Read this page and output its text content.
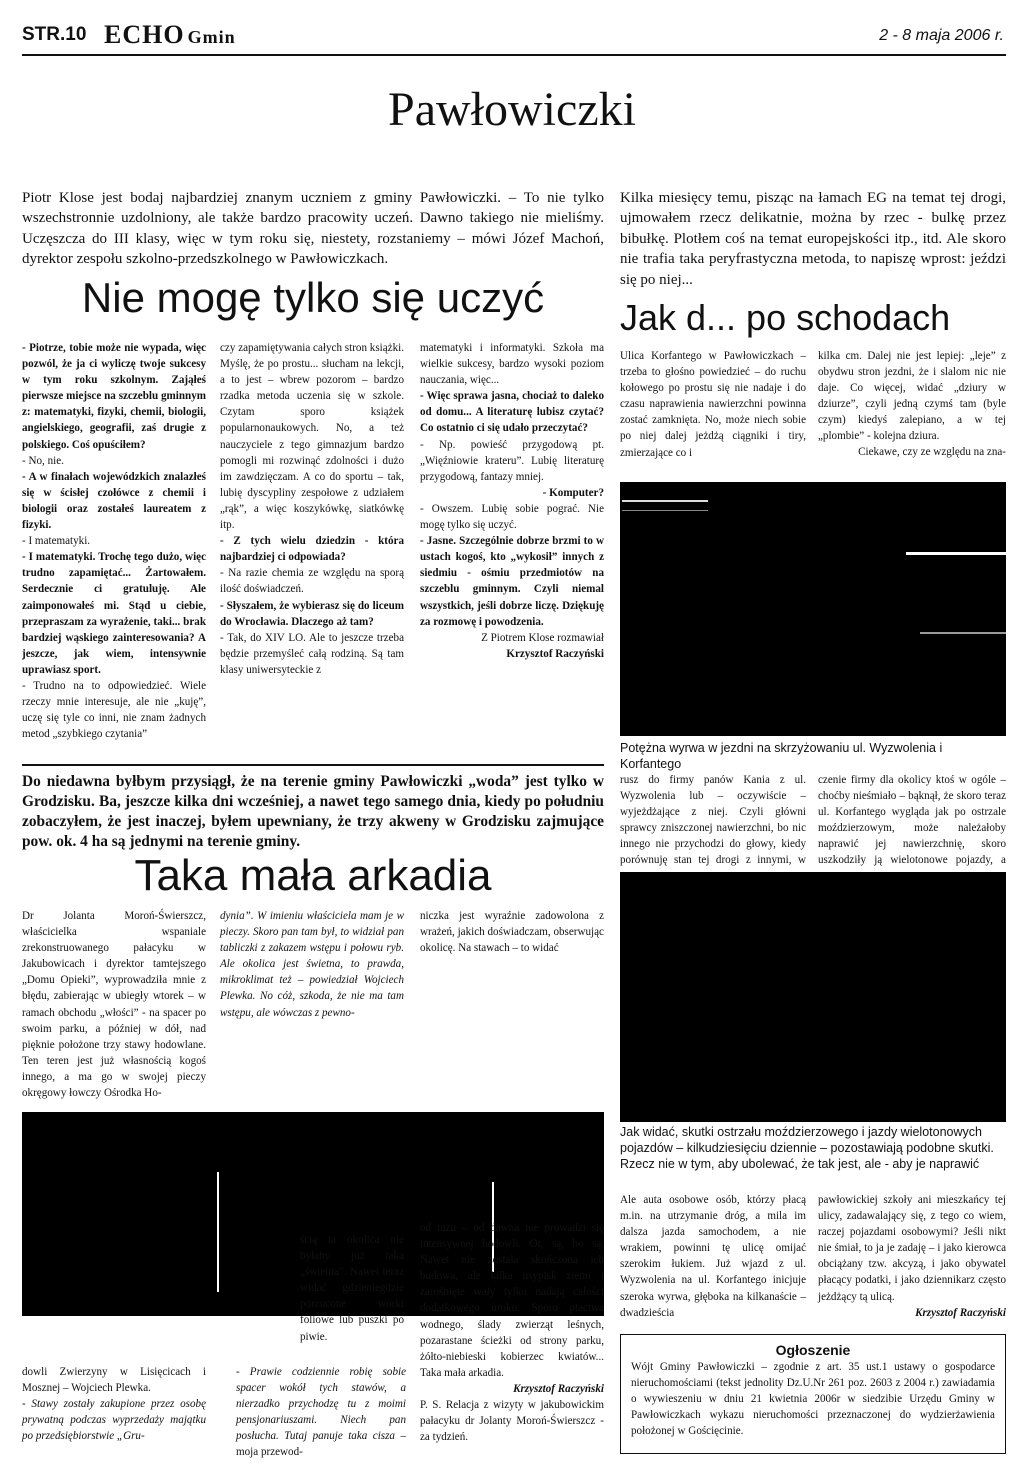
STR.10 ECHO Gmin	2 - 8 maja 2006 r.
Pawłowiczki
Piotr Klose jest bodaj najbardziej znanym uczniem z gminy Pawłowiczki. – To nie tylko wszechstronnie uzdolniony, ale także bardzo pracowity uczeń. Dawno takiego nie mieliśmy. Uczęszcza do III klasy, więc w tym roku się, niestety, rozstaniemy – mówi Józef Machoń, dyrektor zespołu szkolno-przedszkolnego w Pawłowiczkach.
Nie mogę tylko się uczyć

- Piotrze, tobie może nie wypada, więc pozwól, że ja ci wyliczę twoje sukcesy w tym roku szkolnym. Zająłeś pierwsze miejsce na szczeblu gminnym z: matematyki, fizyki, chemii, biologii, angielskiego, geografii, zaś drugie z polskiego. Coś opuściłem?

- No, nie.

- A w finałach wojewódzkich znalazłeś się w ścisłej czołówce z chemii i biologii oraz zostałeś laureatem z fizyki.

- I matematyki.

- I matematyki. Trochę tego dużo, więc trudno zapamiętać... Żartowałem. Serdecznie ci gratuluję. Ale zaimponowałeś mi. Stąd u ciebie, przepraszam za wyrażenie, taki... brak bardziej wąskiego zainteresowania? A jeszcze, jak wiem, intensywnie uprawiasz sport.

- Trudno na to odpowiedzieć. Wiele rzeczy mnie interesuje, ale nie „kuję”, uczę się tyle co inni, nie znam żadnych metod „szybkiego czytania”

czy zapamiętywania całych stron książki. Myślę, że po prostu... słucham na lekcji, a to jest – wbrew pozorom – bardzo rzadka metoda uczenia się w szkole. Czytam sporo książek popularnonaukowych. No, a też nauczyciele z tego gimnazjum bardzo pomogli mi rozwinąć zdolności i dużo im zawdzięczam. A co do sportu – tak, lubię dyscypliny zespołowe z udziałem „rąk”, a więc koszykówkę, siatkówkę itp.

- Z tych wielu dziedzin - która najbardziej ci odpowiada?

- Na razie chemia ze względu na sporą ilość doświadczeń.

- Słyszałem, że wybierasz się do liceum do Wrocławia. Dlaczego aż tam?

- Tak, do XIV LO. Ale to jeszcze trzeba będzie przemyśleć całą rodziną. Są tam klasy uniwersyteckie z

matematyki i informatyki. Szkoła ma wielkie sukcesy, bardzo wysoki poziom nauczania, więc...

- Więc sprawa jasna, chociaż to daleko od domu... A literaturę lubisz czytać? Co ostatnio ci się udało przeczytać?

- Np. powieść przygodową pt. „Więźniowie krateru”. Lubię literaturę przygodową, fantazy mniej.

- Komputer?

- Owszem. Lubię sobie pograć. Nie mogę tylko się uczyć.

- Jasne. Szczególnie dobrze brzmi to w ustach kogoś, kto „wykosił” innych z siedmiu - ośmiu przedmiotów na szczeblu gminnym. Czyli niemal wszystkich, jeśli dobrze liczę. Dziękuję za rozmowę i powodzenia.

Z Piotrem Klose rozmawiał

Krzysztof Raczyński

Kilka miesięcy temu, pisząc na łamach EG na temat tej drogi, ujmowałem rzecz delikatnie, można by rzec - bulkę przez bibułkę. Plotłem coś na temat europejskości itp., itd. Ale skoro nie trafia taka peryfrastyczna metoda, to napiszę wprost: jeździ się po niej...
Jak d... po schodach
Ulica Korfantego w Pawłowiczkach – trzeba to głośno powiedzieć – do ruchu kołowego po prostu się nie nadaje i do czasu naprawienia nawierzchni powinna zostać zamknięta. No, może niech sobie po niej dalej jeżdżą ciągniki i tiry, zmierzające co i
kilka cm. Dalej nie jest lepiej: „leje” z obydwu stron jezdni, że i slalom nic nie daje. Co więcej, widać „dziury w dziurze”, czyli jedną czymś tam (byle czym) kiedyś zalepiano, a w tej „plombie” - kolejna dziura.
Ciekawe, czy ze względu na zna-
Potężna wyrwa w jezdni na skrzyżowaniu ul. Wyzwolenia i Korfantego
rusz do firmy panów Kania z ul. Wyzwolenia lub – oczywiście – wyjeżdżające z niej. Czyli główni sprawcy zniszczonej nawierzchni, bo nic innego nie przychodzi do głowy, kiedy porównuję stan tej drogi z innymi, w
czenie firmy dla okolicy ktoś w ogóle – choćby nieśmiało – bąknął, że skoro teraz ul. Korfantego wygląda jak po ostrzale moździerzowym, może należałoby naprawić jej nawierzchnię, skoro uszkodziły ją wielotonowe pojazdy, a
Jak widać, skutki ostrzału moździerzowego i jazdy wielotonowych pojazdów – kilkudziesięciu dziennie – pozostawiają podobne skutki. Rzecz nie w tym, aby ubolewać, że tak jest, ale - aby je naprawić
Ale auta osobowe osób, którzy płacą m.in. na utrzymanie dróg, a mila im dalsza jazda samochodem, a nie wrakiem, powinni tę ulicę omijać szerokim łukiem. Już wjazd z ul. Wyzwolenia na ul. Korfantego inicjuje szeroka wyrwa, głęboka na kilkanaście – dwadzieścia

pawłowickiej szkoły ani mieszkańcy tej ulicy, zadawalający się, z tego co wiem, raczej pojazdami osobowymi? Jeśli nikt nie śmiał, to ja je zadaję – i jako kierowca obciążany tzw. akcyzą, i jako obywatel płacący podatki, i jako dziennikarz często jeżdżący tą ulicą.

Krzysztof Raczyński

Ogłoszenie
Wójt Gminy Pawłowiczki – zgodnie z art. 35 ust.1 ustawy o gospodarce nieruchomościami (tekst jednolity Dz.U.Nr 261 poz. 2603 z 2004 r.) zawiadamia o wywieszeniu w dniu 21 kwietnia 2006r w siedzibie Urzędu Gminy w Pawłowiczkach wykazu nieruchomości przeznaczonej do wydzierżawienia położonej w Gościęcinie.
Do niedawna byłbym przysiągł, że na terenie gminy Pawłowiczki „woda” jest tylko w Grodzisku. Ba, jeszcze kilka dni wcześniej, a nawet tego samego dnia, kiedy po południu zobaczyłem, że jest inaczej, byłem upewniany, że trzy akweny w Grodzisku zajmujące pow. ok. 4 ha są jednymi na terenie gminy.
Taka mała arkadia
Dr Jolanta Moroń-Świerszcz, właścicielka wspaniale zrekonstruowanego pałacyku w Jakubowicach i dyrektor tamtejszego „Domu Opieki”, wyprowadziła mnie z błędu, zabierając w ubiegły wtorek – w ramach obchodu „włości” - na spacer po swoim parku, a później w dół, nad pięknie położone trzy stawy hodowlane. Ten teren jest już własnością kogoś innego, a ma go w swojej pieczy okręgowy łowczy Ośrodka Ho-
dynia”. W imieniu właściciela mam je w pieczy. Skoro pan tam był, to widział pan tabliczki z zakazem wstępu i połowu ryb. Ale okolica jest świetna, to prawda, mikroklimat też – powiedział Wojciech Plewka. No cóż, szkoda, że nie ma tam wstępu, ale wówczas z pewno-
niczka jest wyraźnie zadowolona z wrażeń, jakich doświadczam, obserwując okolicę. Na stawach – to widać

dowli Zwierzyny w Lisięcicach i Mosznej – Wojciech Plewka.

- Stawy zostały zakupione przez osobę prywatną podczas wyprzedaży majątku po przedsiębiorstwie „Gru-

ścią ta okolica nie byłaby już taka „świetna”. Nawet teraz widać gdzieniegdzie porzucone worki foliowe lub puszki po piwie.

- Prawie codziennie robię sobie spacer wokół tych stawów, a nierzadko przychodzę tu z moimi pensjonariuszami. Niech pan posłucha. Tutaj panuje taka cisza – moja przewod-

od razu – od dawna nie prowadzi się intensywnej hodowli. Ot, są, bo są. Nawet nie została skończona ich budowa, ale kilka usypisk ziemi i zarośnięte wały tylko nadają całości dodatkowego uroku. Sporo ptactwa wodnego, ślady zwierząt leśnych, pozarastane ścieżki od strony parku, żółto-niebieski kobierzec kwiatów... Taka mała arkadia.

Krzysztof Raczyński

P. S. Relacja z wizyty w jakubowickim pałacyku dr Jolanty Moroń-Świerszcz - za tydzień.
